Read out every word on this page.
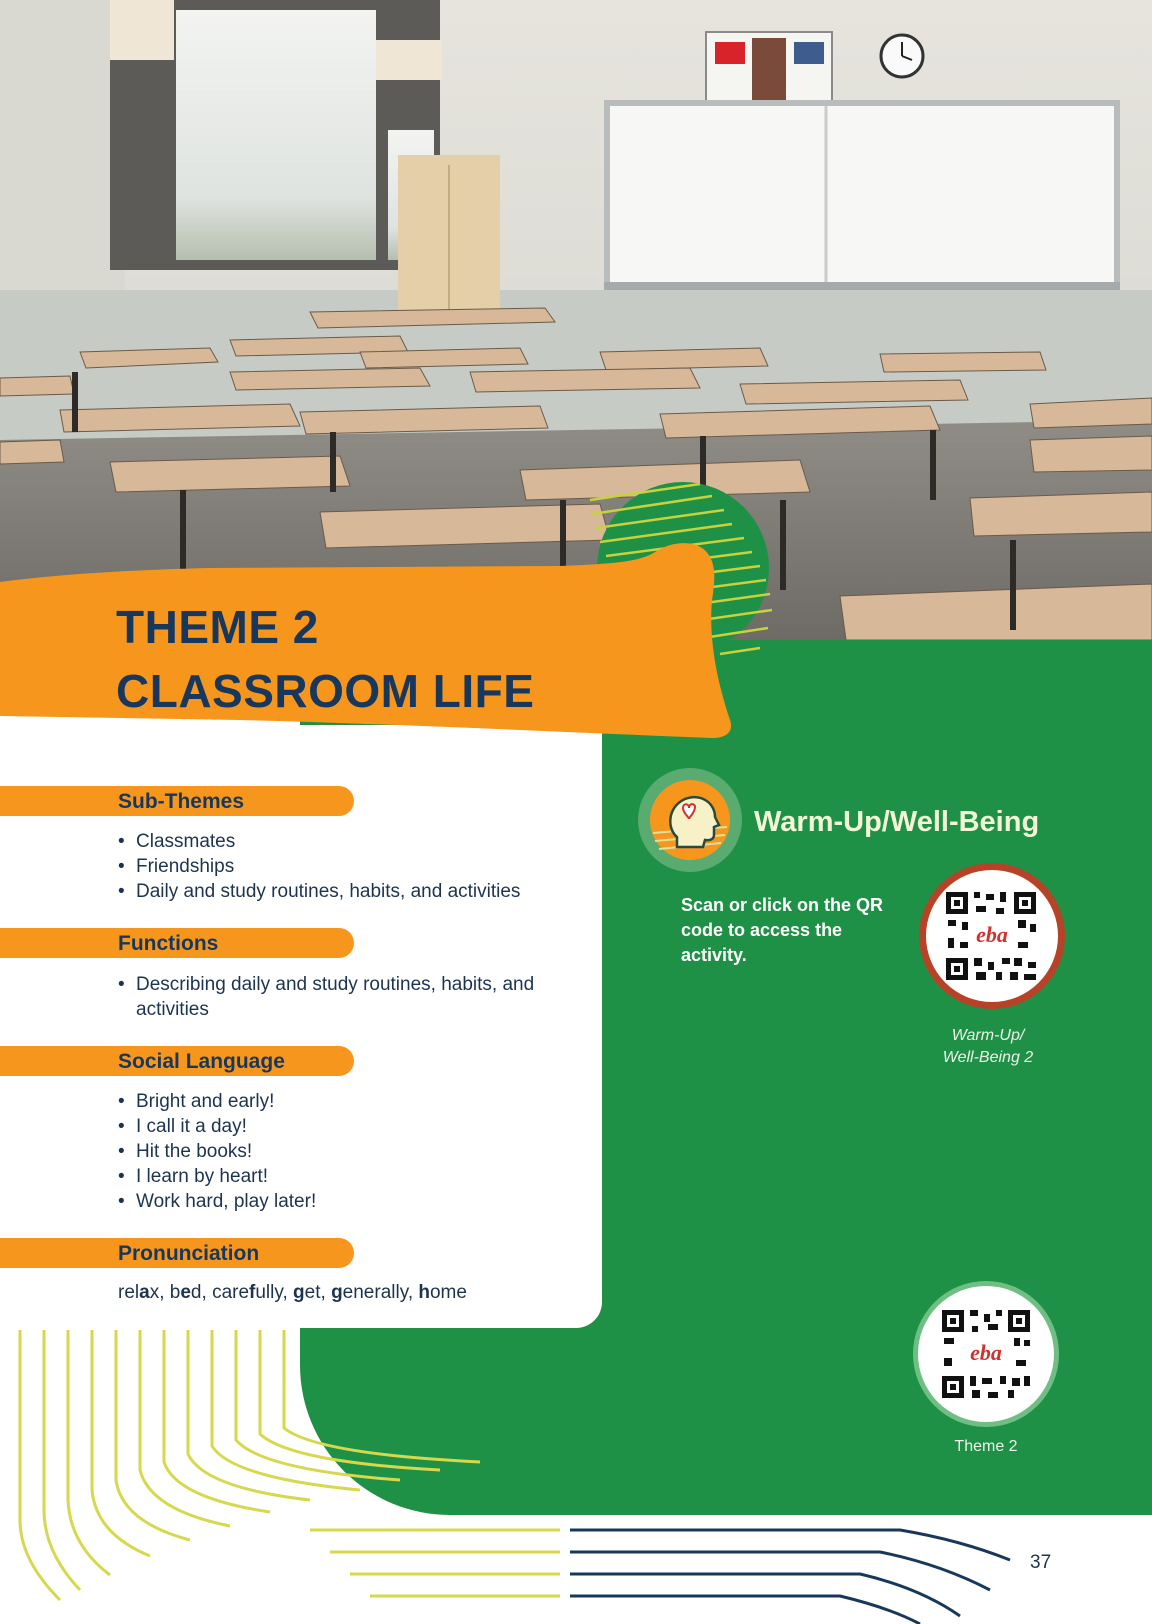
THEME 2
CLASSROOM LIFE
Sub-Themes
• Classmates
• Friendships
• Daily and study routines, habits, and activities
Functions
• Describing daily and study routines, habits, and activities
Social Language
• Bright and early!
• I call it a day!
• Hit the books!
• I learn by heart!
• Work hard, play later!
Pronunciation
relax, bed, carefully, get, generally, home
Warm-Up/Well-Being
Scan or click on the QR code to access the activity.
eba
Warm-Up/
Well-Being 2
eba
Theme 2
37
